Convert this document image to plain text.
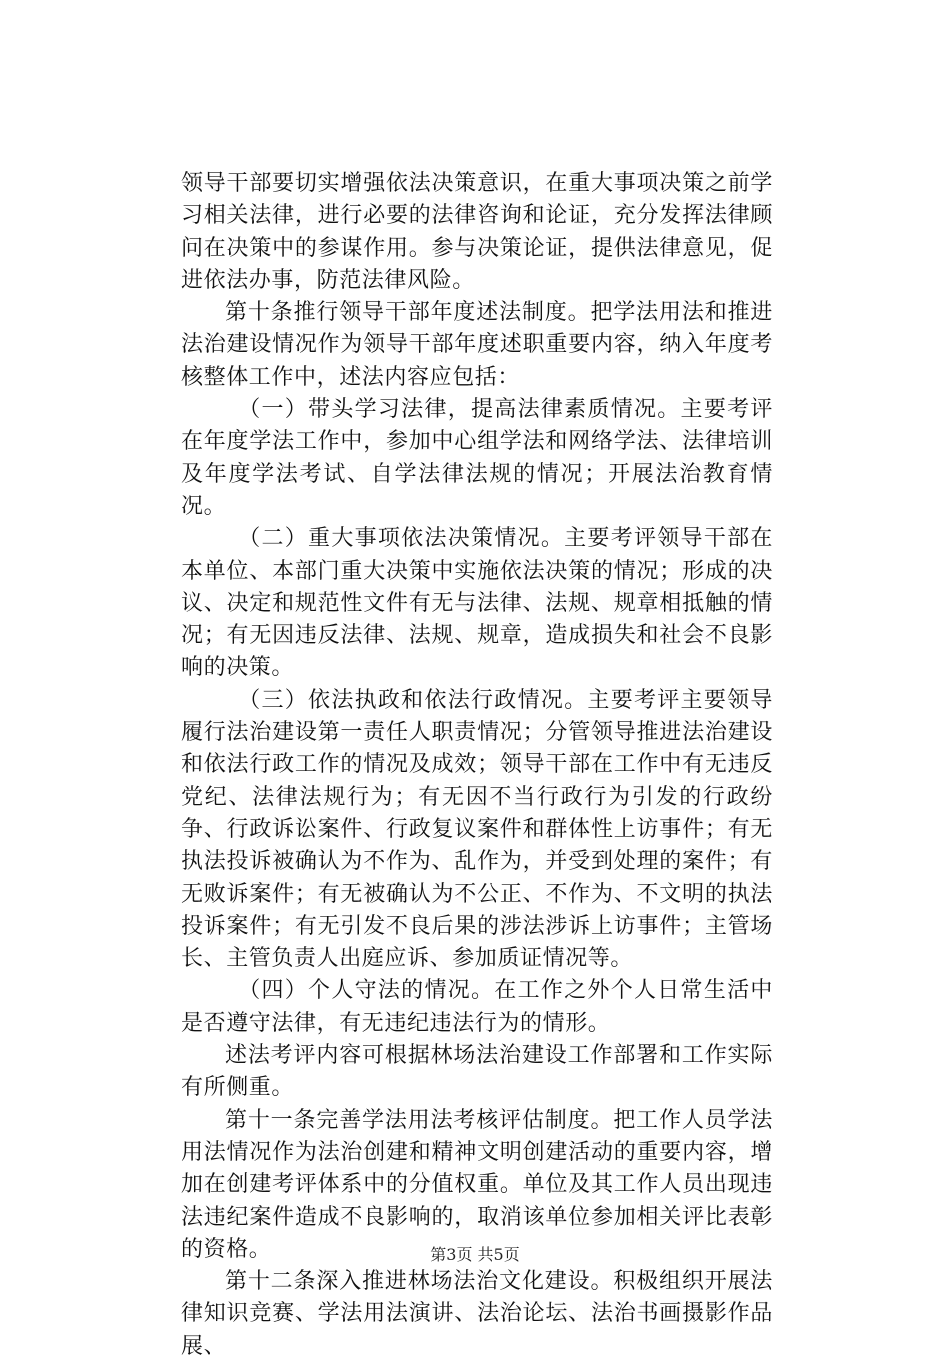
领导干部要切实增强依法决策意识，在重大事项决策之前学习相关法律，进行必要的法律咨询和论证，充分发挥法律顾问在决策中的参谋作用。参与决策论证，提供法律意见，促进依法办事，防范法律风险。

第十条推行领导干部年度述法制度。把学法用法和推进法治建设情况作为领导干部年度述职重要内容，纳入年度考核整体工作中，述法内容应包括：

（一）带头学习法律，提高法律素质情况。主要考评在年度学法工作中，参加中心组学法和网络学法、法律培训及年度学法考试、自学法律法规的情况；开展法治教育情况。

（二）重大事项依法决策情况。主要考评领导干部在本单位、本部门重大决策中实施依法决策的情况；形成的决议、决定和规范性文件有无与法律、法规、规章相抵触的情况；有无因违反法律、法规、规章，造成损失和社会不良影响的决策。

（三）依法执政和依法行政情况。主要考评主要领导履行法治建设第一责任人职责情况；分管领导推进法治建设和依法行政工作的情况及成效；领导干部在工作中有无违反党纪、法律法规行为；有无因不当行政行为引发的行政纷争、行政诉讼案件、行政复议案件和群体性上访事件；有无执法投诉被确认为不作为、乱作为，并受到处理的案件；有无败诉案件；有无被确认为不公正、不作为、不文明的执法投诉案件；有无引发不良后果的涉法涉诉上访事件；主管场长、主管负责人出庭应诉、参加质证情况等。

（四）个人守法的情况。在工作之外个人日常生活中是否遵守法律，有无违纪违法行为的情形。

述法考评内容可根据林场法治建设工作部署和工作实际有所侧重。

第十一条完善学法用法考核评估制度。把工作人员学法用法情况作为法治创建和精神文明创建活动的重要内容，增加在创建考评体系中的分值权重。单位及其工作人员出现违法违纪案件造成不良影响的，取消该单位参加相关评比表彰的资格。

第十二条深入推进林场法治文化建设。积极组织开展法律知识竞赛、学法用法演讲、法治论坛、法治书画摄影作品展、

第3页 共5页
